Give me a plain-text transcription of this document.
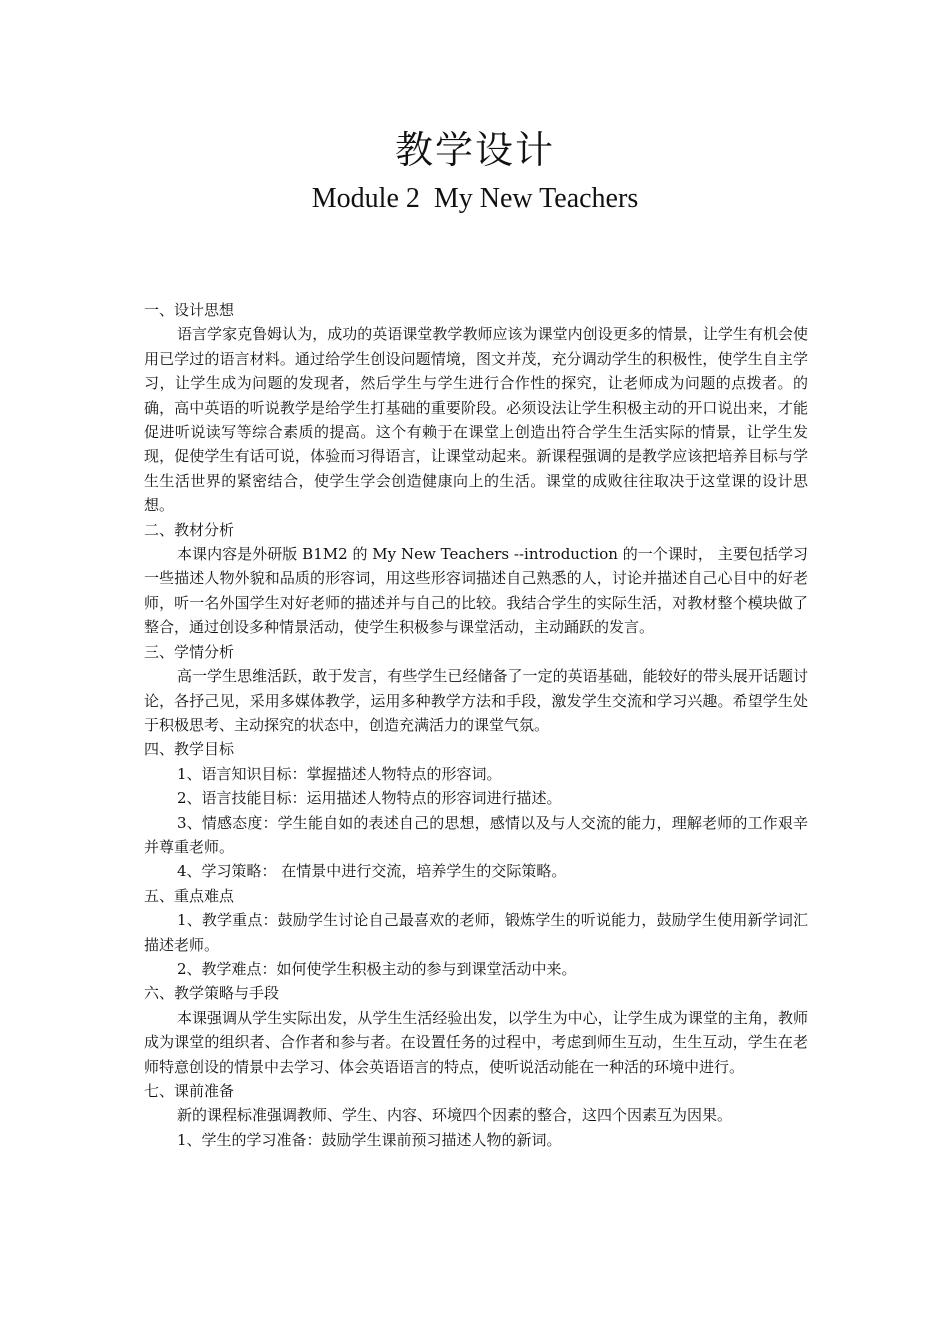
教学设计
Module 2  My New Teachers

一、设计思想

语言学家克鲁姆认为，成功的英语课堂教学教师应该为课堂内创设更多的情景，让学生有机会使用已学过的语言材料。通过给学生创设问题情境，图文并茂，充分调动学生的积极性，使学生自主学习，让学生成为问题的发现者，然后学生与学生进行合作性的探究，让老师成为问题的点拨者。的确，高中英语的听说教学是给学生打基础的重要阶段。必须设法让学生积极主动的开口说出来，才能促进听说读写等综合素质的提高。这个有赖于在课堂上创造出符合学生生活实际的情景，让学生发现，促使学生有话可说，体验而习得语言，让课堂动起来。新课程强调的是教学应该把培养目标与学生生活世界的紧密结合，使学生学会创造健康向上的生活。课堂的成败往往取决于这堂课的设计思想。

二、教材分析

本课内容是外研版 B1M2 的 My New Teachers --introduction 的一个课时， 主要包括学习一些描述人物外貌和品质的形容词，用这些形容词描述自己熟悉的人，讨论并描述自己心目中的好老师，听一名外国学生对好老师的描述并与自己的比较。我结合学生的实际生活，对教材整个模块做了整合，通过创设多种情景活动，使学生积极参与课堂活动，主动踊跃的发言。

三、学情分析

高一学生思维活跃，敢于发言，有些学生已经储备了一定的英语基础，能较好的带头展开话题讨论，各抒己见，采用多媒体教学，运用多种教学方法和手段，激发学生交流和学习兴趣。希望学生处于积极思考、主动探究的状态中，创造充满活力的课堂气氛。

四、教学目标

1、语言知识目标：掌握描述人物特点的形容词。

2、语言技能目标：运用描述人物特点的形容词进行描述。

3、情感态度：学生能自如的表述自己的思想，感情以及与人交流的能力，理解老师的工作艰辛并尊重老师。

4、学习策略： 在情景中进行交流，培养学生的交际策略。

五、重点难点

1、教学重点：鼓励学生讨论自己最喜欢的老师，锻炼学生的听说能力，鼓励学生使用新学词汇描述老师。

2、教学难点：如何使学生积极主动的参与到课堂活动中来。

六、教学策略与手段

本课强调从学生实际出发，从学生生活经验出发，以学生为中心，让学生成为课堂的主角，教师成为课堂的组织者、合作者和参与者。在设置任务的过程中，考虑到师生互动，生生互动，学生在老师特意创设的情景中去学习、体会英语语言的特点，使听说活动能在一种活的环境中进行。

七、课前准备

新的课程标准强调教师、学生、内容、环境四个因素的整合，这四个因素互为因果。

1、学生的学习准备：鼓励学生课前预习描述人物的新词。
